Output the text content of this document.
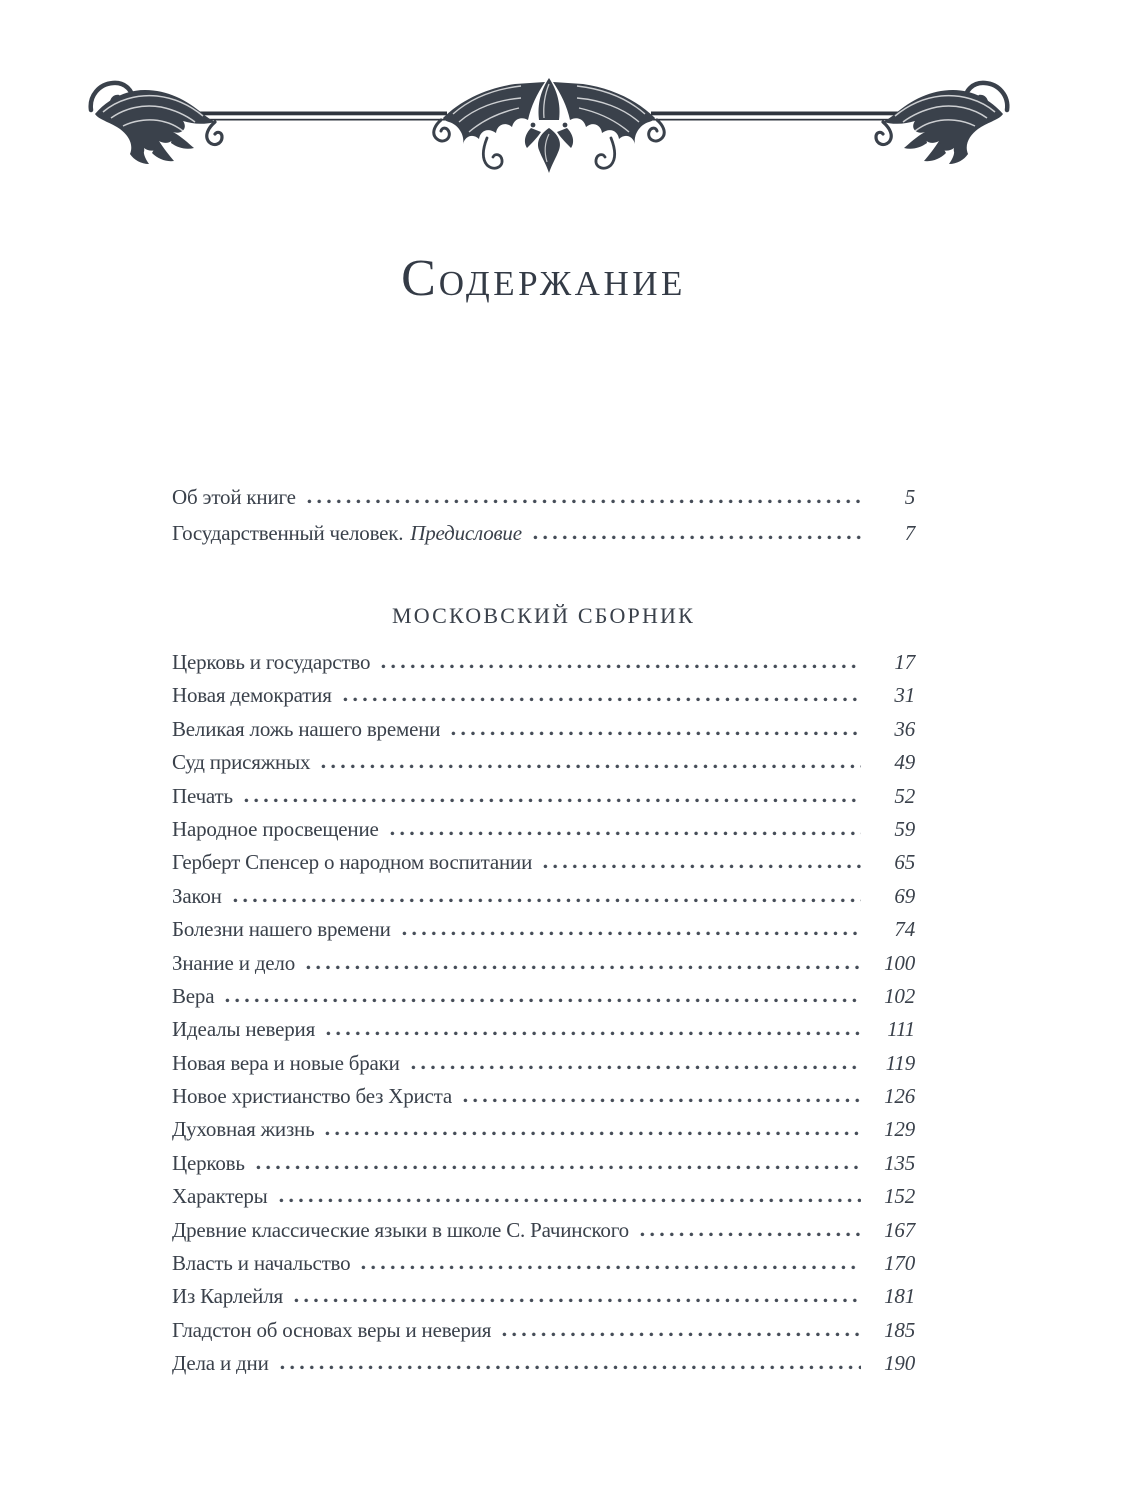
СОДЕРЖАНИЕ
Об этой книге	5
Государственный человек. Предисловие	7
МОСКОВСКИЙ СБОРНИК
Церковь и государство	17
Новая демократия	31
Великая ложь нашего времени	36
Суд присяжных	49
Печать	52
Народное просвещение	59
Герберт Спенсер о народном воспитании	65
Закон	69
Болезни нашего времени	74
Знание и дело	100
Вера	102
Идеалы неверия	111
Новая вера и новые браки	119
Новое христианство без Христа	126
Духовная жизнь	129
Церковь	135
Характеры	152
Древние классические языки в школе С. Рачинского	167
Власть и начальство	170
Из Карлейля	181
Гладстон об основах веры и неверия	185
Дела и дни	190
